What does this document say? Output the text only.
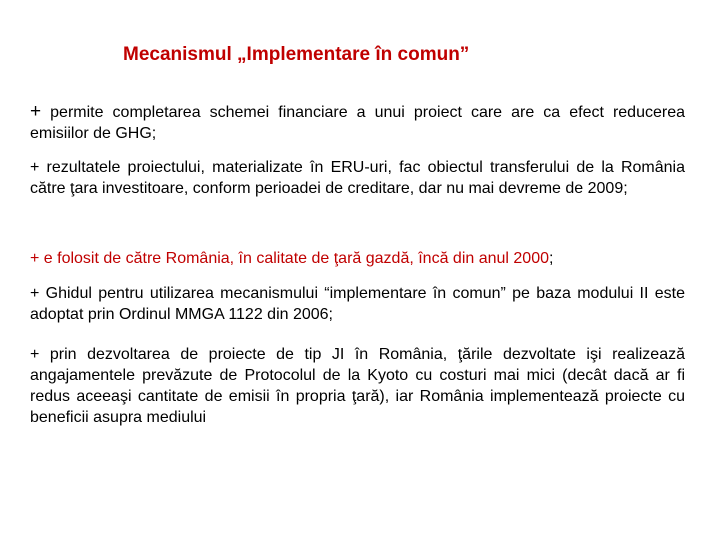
Mecanismul „Implementare în comun”

+ permite completarea schemei financiare a unui proiect care are ca efect reducerea emisiilor de GHG;

+ rezultatele proiectului, materializate în ERU-uri, fac obiectul transferului de la România către ţara investitoare, conform perioadei de creditare, dar nu mai devreme de 2009;

+ e folosit de către România, în calitate de ţară gazdă, încă din anul 2000;

+ Ghidul pentru utilizarea mecanismului “implementare în comun” pe baza modului II este adoptat prin Ordinul MMGA 1122 din 2006;

+ prin dezvoltarea de proiecte de tip JI în România, ţările dezvoltate işi realizează angajamentele prevăzute de Protocolul de la Kyoto cu costuri mai mici (decât dacă ar fi redus aceeaşi cantitate de emisii în propria ţară), iar România implementează proiecte cu beneficii asupra mediului
